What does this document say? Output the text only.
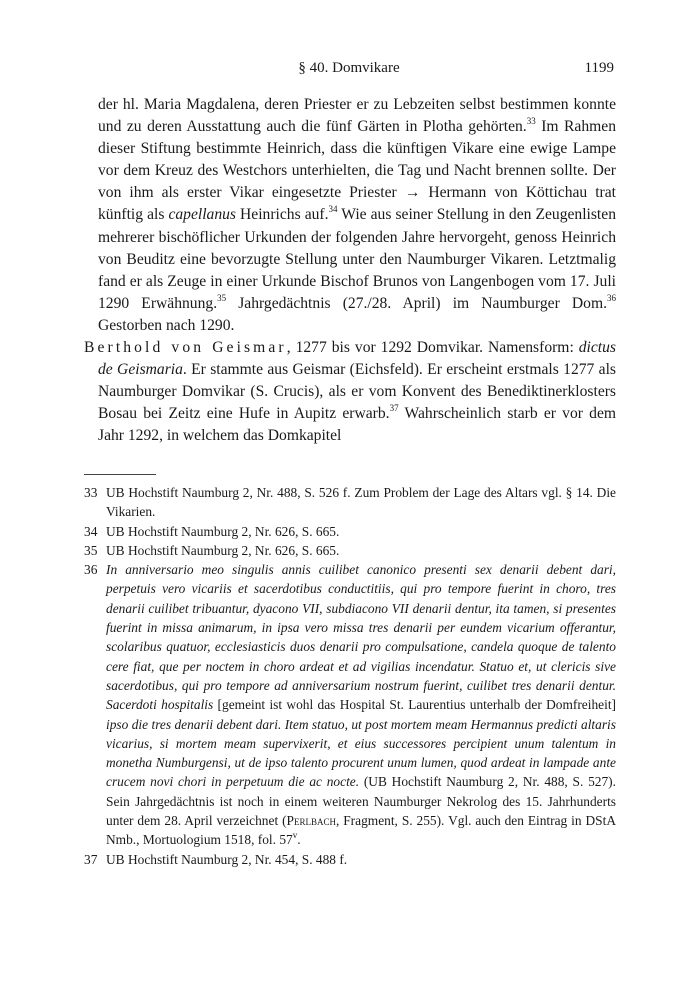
§ 40. Domvikare	1199

der hl. Maria Magdalena, deren Priester er zu Lebzeiten selbst bestimmen konnte und zu deren Ausstattung auch die fünf Gärten in Plotha gehörten.$^{33}$ Im Rahmen dieser Stiftung bestimmte Heinrich, dass die künftigen Vikare eine ewige Lampe vor dem Kreuz des Westchors unterhielten, die Tag und Nacht brennen sollte. Der von ihm als erster Vikar eingesetzte Priester → Hermann von Köttichau trat künftig als capellanus Heinrichs auf.$^{34}$ Wie aus seiner Stellung in den Zeugenlisten mehrerer bischöflicher Urkunden der folgenden Jahre hervorgeht, genoss Heinrich von Beuditz eine bevorzugte Stellung unter den Naumburger Vikaren. Letztmalig fand er als Zeuge in einer Urkunde Bischof Brunos von Langenbogen vom 17. Juli 1290 Erwähnung.$^{35}$ Jahrgedächtnis (27./28. April) im Naumburger Dom.$^{36}$ Gestorben nach 1290.

Berthold von Geismar, 1277 bis vor 1292 Domvikar. Namensform: dictus de Geismaria. Er stammte aus Geismar (Eichsfeld). Er erscheint erstmals 1277 als Naumburger Domvikar (S. Crucis), als er vom Konvent des Benediktinerklosters Bosau bei Zeitz eine Hufe in Aupitz erwarb.$^{37}$ Wahrscheinlich starb er vor dem Jahr 1292, in welchem das Domkapitel

33 UB Hochstift Naumburg 2, Nr. 488, S. 526 f. Zum Problem der Lage des Altars vgl. § 14. Die Vikarien.
34 UB Hochstift Naumburg 2, Nr. 626, S. 665.
35 UB Hochstift Naumburg 2, Nr. 626, S. 665.
36 In anniversario meo singulis annis cuilibet canonico presenti sex denarii debent dari, perpetuis vero vicariis et sacerdotibus conductitiis, qui pro tempore fuerint in choro, tres denarii cuilibet tribuantur, dyacono VII, subdiacono VII denarii dentur, ita tamen, si presentes fuerint in missa animarum, in ipsa vero missa tres denarii per eundem vicarium offerantur, scolaribus quatuor, ecclesiasticis duos denarii pro compulsatione, candela quoque de talento cere fiat, que per noctem in choro ardeat et ad vigilias incendatur. Statuo et, ut clericis sive sacerdotibus, qui pro tempore ad anniversarium nostrum fuerint, cuilibet tres denarii dentur. Sacerdoti hospitalis [gemeint ist wohl das Hospital St. Laurentius unterhalb der Domfreiheit] ipso die tres denarii debent dari. Item statuo, ut post mortem meam Hermannus predicti altaris vicarius, si mortem meam supervixerit, et eius successores percipient unum talentum in monetha Numburgensi, ut de ipso talento procurent unum lumen, quod ardeat in lampade ante crucem novi chori in perpetuum die ac nocte. (UB Hochstift Naumburg 2, Nr. 488, S. 527). Sein Jahrgedächtnis ist noch in einem weiteren Naumburger Nekrolog des 15. Jahrhunderts unter dem 28. April verzeichnet (Perlbach, Fragment, S. 255). Vgl. auch den Eintrag in DStA Nmb., Mortuologium 1518, fol. 57$^v$.
37 UB Hochstift Naumburg 2, Nr. 454, S. 488 f.
